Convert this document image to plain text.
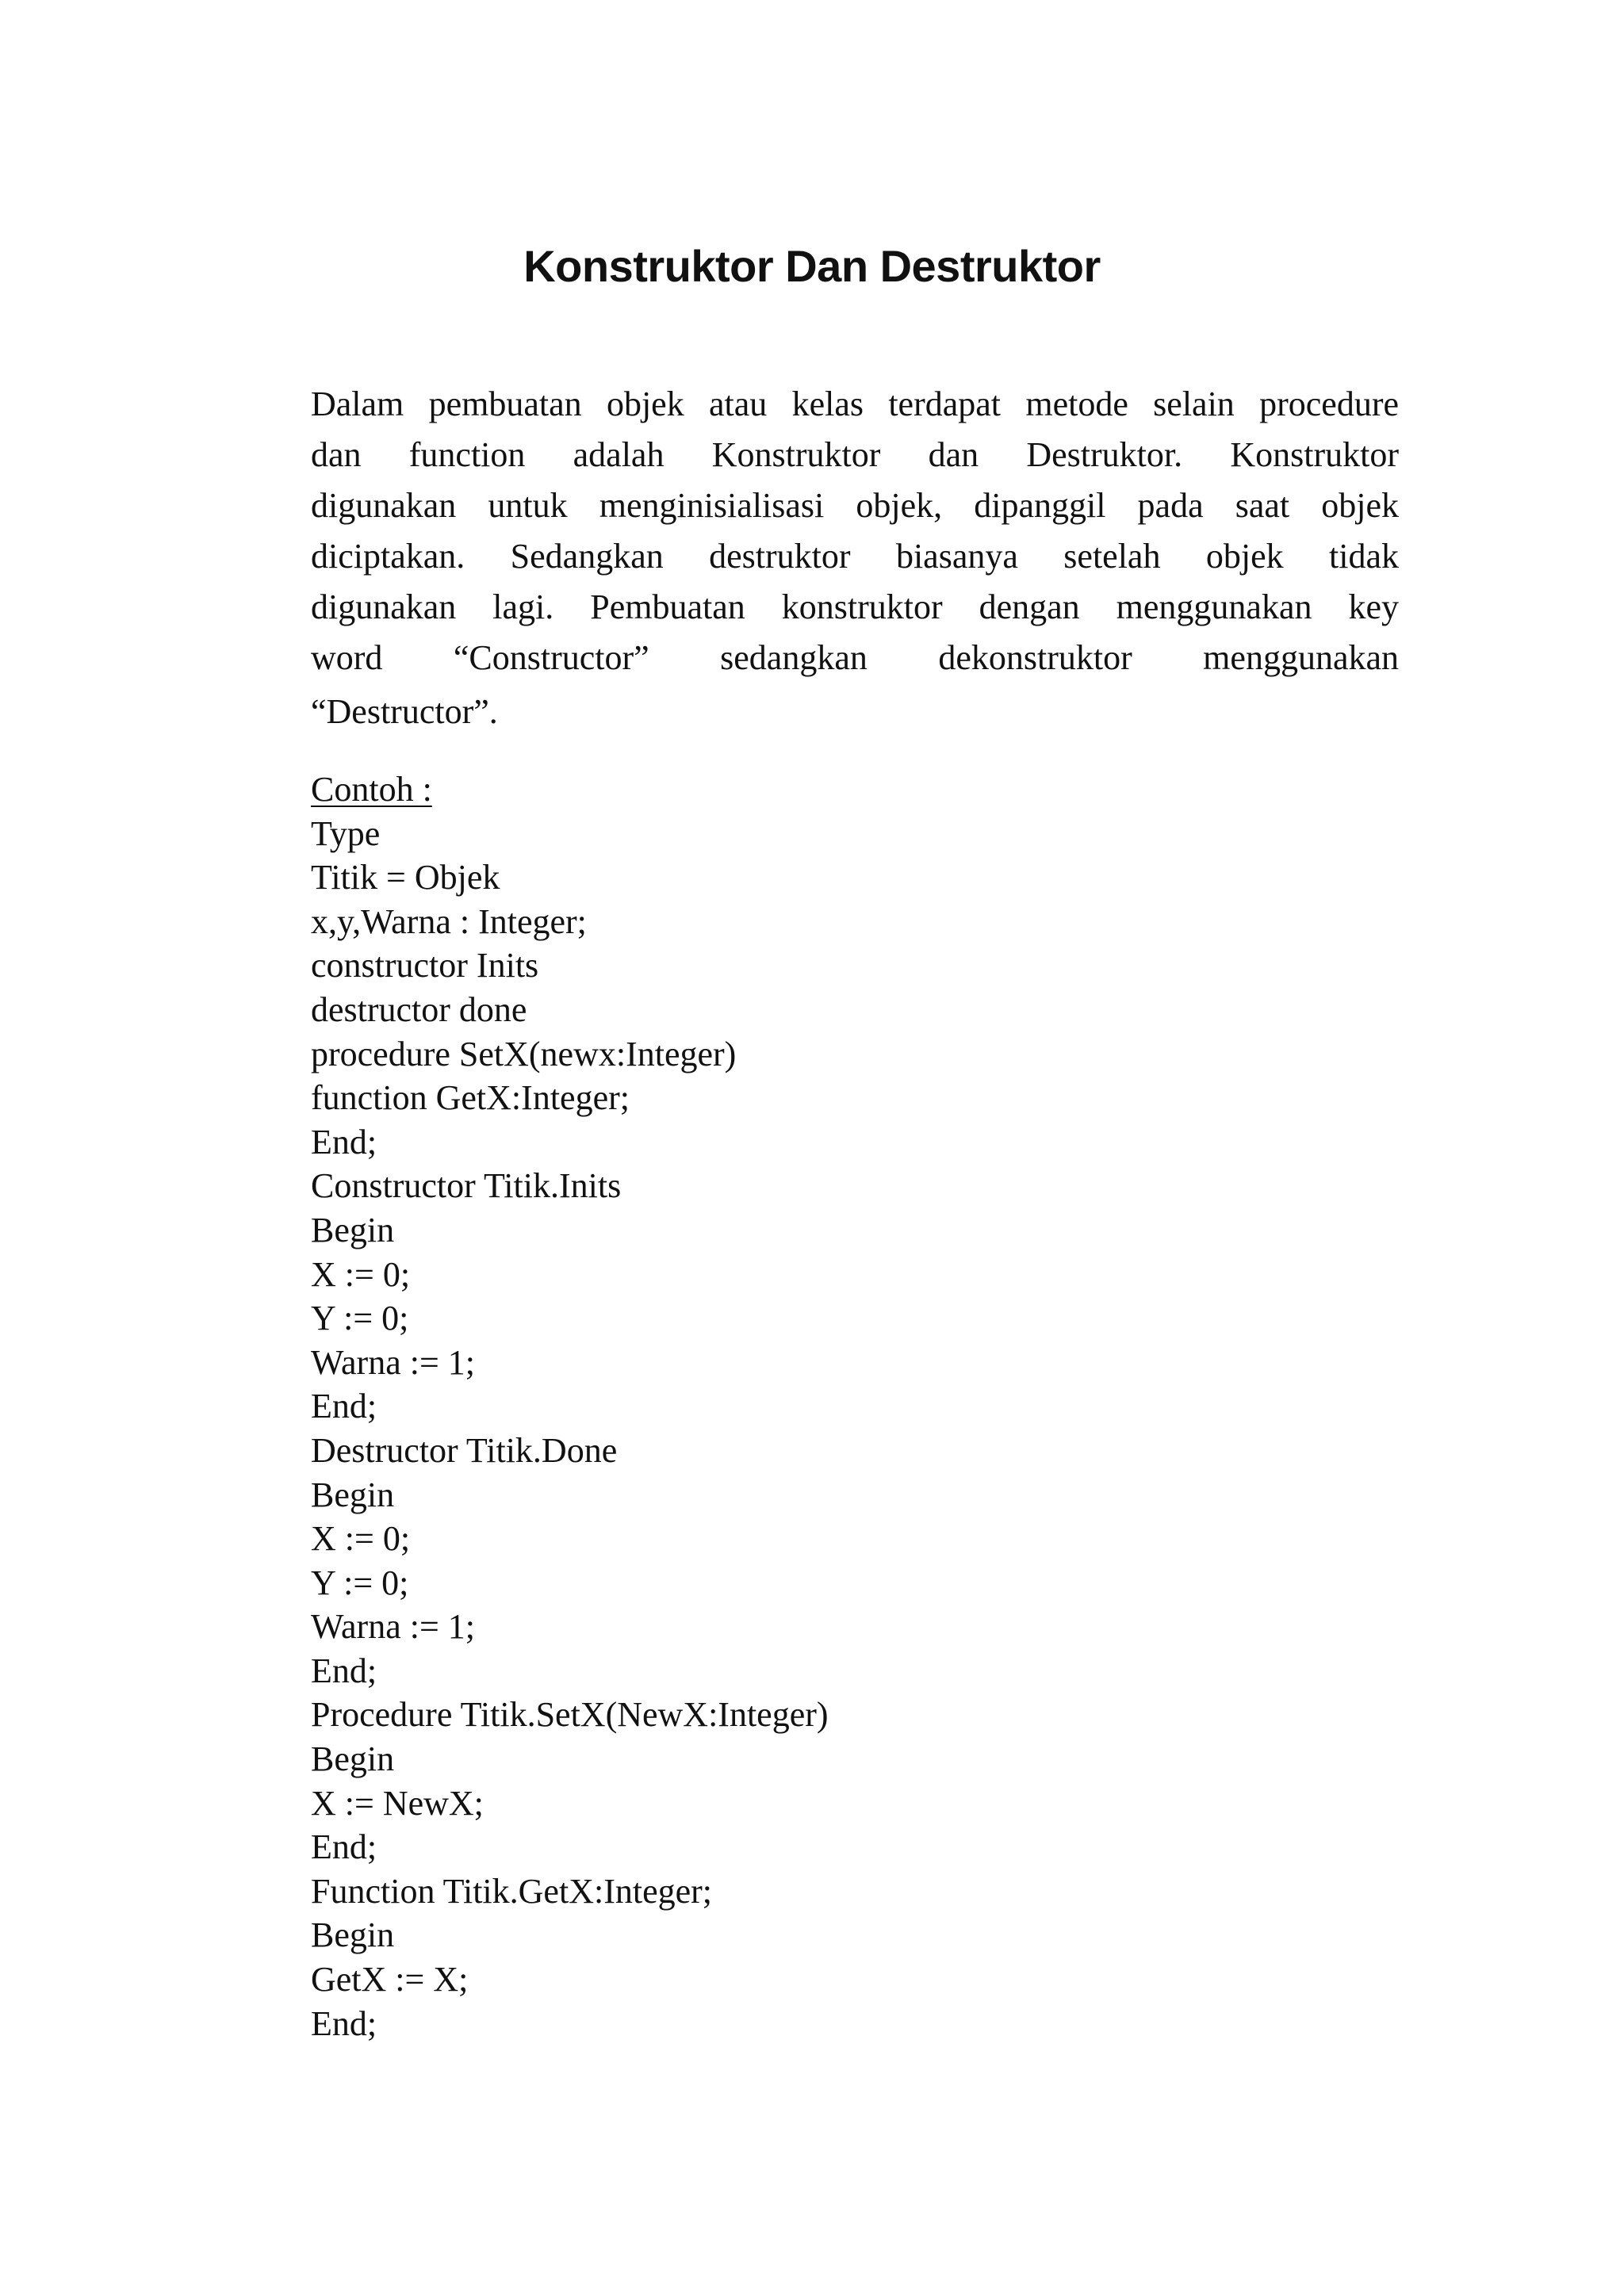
Konstruktor Dan Destruktor
Dalam pembuatan objek atau kelas terdapat metode selain procedure
dan function adalah Konstruktor dan Destruktor. Konstruktor
digunakan untuk menginisialisasi objek, dipanggil pada saat objek
diciptakan. Sedangkan destruktor biasanya setelah objek tidak
digunakan lagi. Pembuatan konstruktor dengan menggunakan key
word “Constructor” sedangkan dekonstruktor menggunakan
“Destructor”.
Contoh :
Type
Titik = Objek
x,y,Warna : Integer;
constructor Inits
destructor done
procedure SetX(newx:Integer)
function GetX:Integer;
End;
Constructor Titik.Inits
Begin
X := 0;
Y := 0;
Warna := 1;
End;
Destructor Titik.Done
Begin
X := 0;
Y := 0;
Warna := 1;
End;
Procedure Titik.SetX(NewX:Integer)
Begin
X := NewX;
End;
Function Titik.GetX:Integer;
Begin
GetX := X;
End;
